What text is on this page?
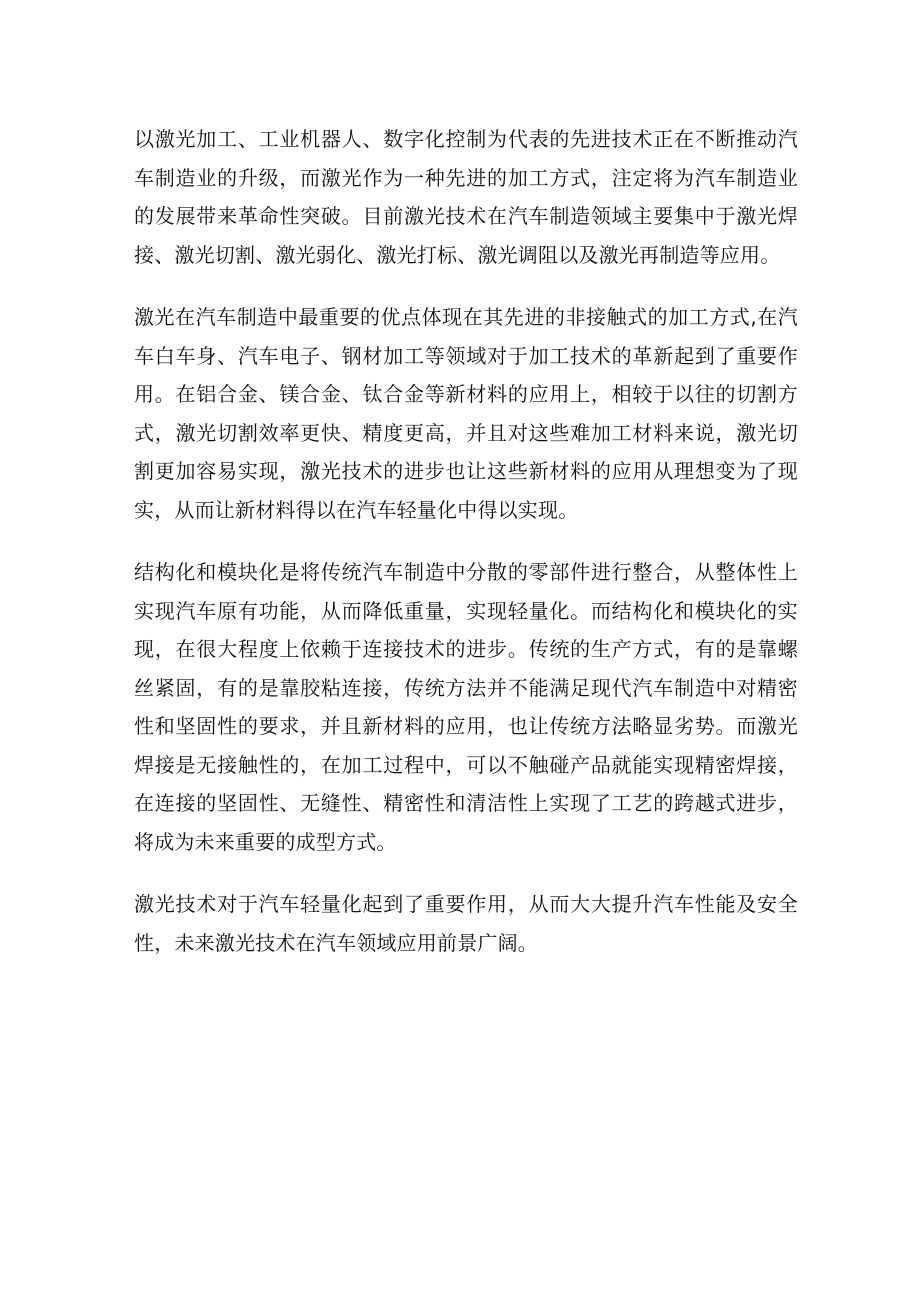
以激光加工、工业机器人、数字化控制为代表的先进技术正在不断推动汽车制造业的升级，而激光作为一种先进的加工方式，注定将为汽车制造业的发展带来革命性突破。目前激光技术在汽车制造领域主要集中于激光焊接、激光切割、激光弱化、激光打标、激光调阻以及激光再制造等应用。

激光在汽车制造中最重要的优点体现在其先进的非接触式的加工方式,在汽车白车身、汽车电子、钢材加工等领域对于加工技术的革新起到了重要作用。在铝合金、镁合金、钛合金等新材料的应用上，相较于以往的切割方式，激光切割效率更快、精度更高，并且对这些难加工材料来说，激光切割更加容易实现，激光技术的进步也让这些新材料的应用从理想变为了现实，从而让新材料得以在汽车轻量化中得以实现。

结构化和模块化是将传统汽车制造中分散的零部件进行整合，从整体性上实现汽车原有功能，从而降低重量，实现轻量化。而结构化和模块化的实现，在很大程度上依赖于连接技术的进步。传统的生产方式，有的是靠螺丝紧固，有的是靠胶粘连接，传统方法并不能满足现代汽车制造中对精密性和坚固性的要求，并且新材料的应用，也让传统方法略显劣势。而激光焊接是无接触性的，在加工过程中，可以不触碰产品就能实现精密焊接，在连接的坚固性、无缝性、精密性和清洁性上实现了工艺的跨越式进步，将成为未来重要的成型方式。

激光技术对于汽车轻量化起到了重要作用，从而大大提升汽车性能及安全性，未来激光技术在汽车领域应用前景广阔。
